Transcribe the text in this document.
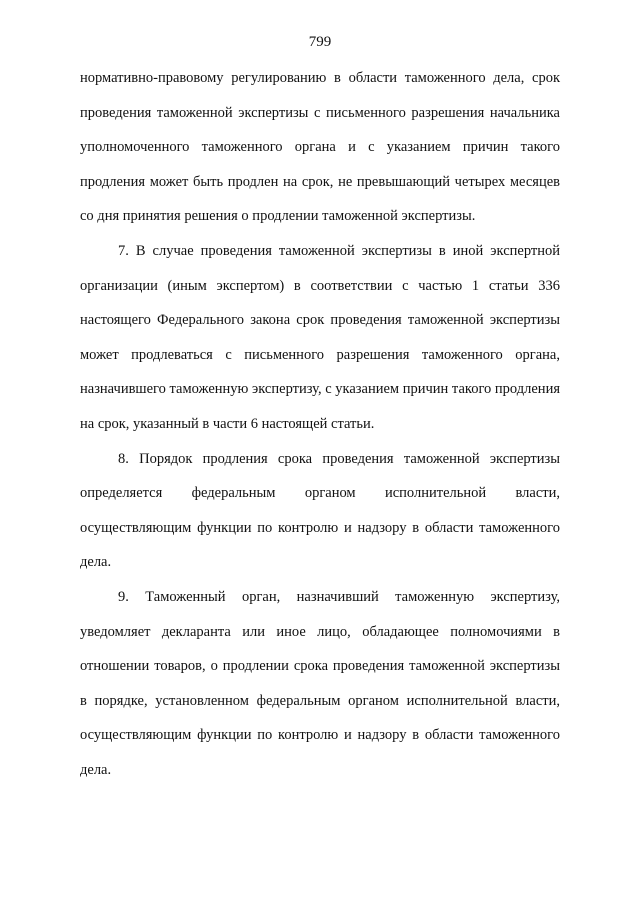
799

нормативно-правовому регулированию в области таможенного дела, срок проведения таможенной экспертизы с письменного разрешения начальника уполномоченного таможенного органа и с указанием причин такого продления может быть продлен на срок, не превышающий четырех месяцев со дня принятия решения о продлении таможенной экспертизы.

7. В случае проведения таможенной экспертизы в иной экспертной организации (иным экспертом) в соответствии с частью 1 статьи 336 настоящего Федерального закона срок проведения таможенной экспертизы может продлеваться с письменного разрешения таможенного органа, назначившего таможенную экспертизу, с указанием причин такого продления на срок, указанный в части 6 настоящей статьи.

8. Порядок продления срока проведения таможенной экспертизы определяется федеральным органом исполнительной власти, осуществляющим функции по контролю и надзору в области таможенного дела.

9. Таможенный орган, назначивший таможенную экспертизу, уведомляет декларанта или иное лицо, обладающее полномочиями в отношении товаров, о продлении срока проведения таможенной экспертизы в порядке, установленном федеральным органом исполнительной власти, осуществляющим функции по контролю и надзору в области таможенного дела.
